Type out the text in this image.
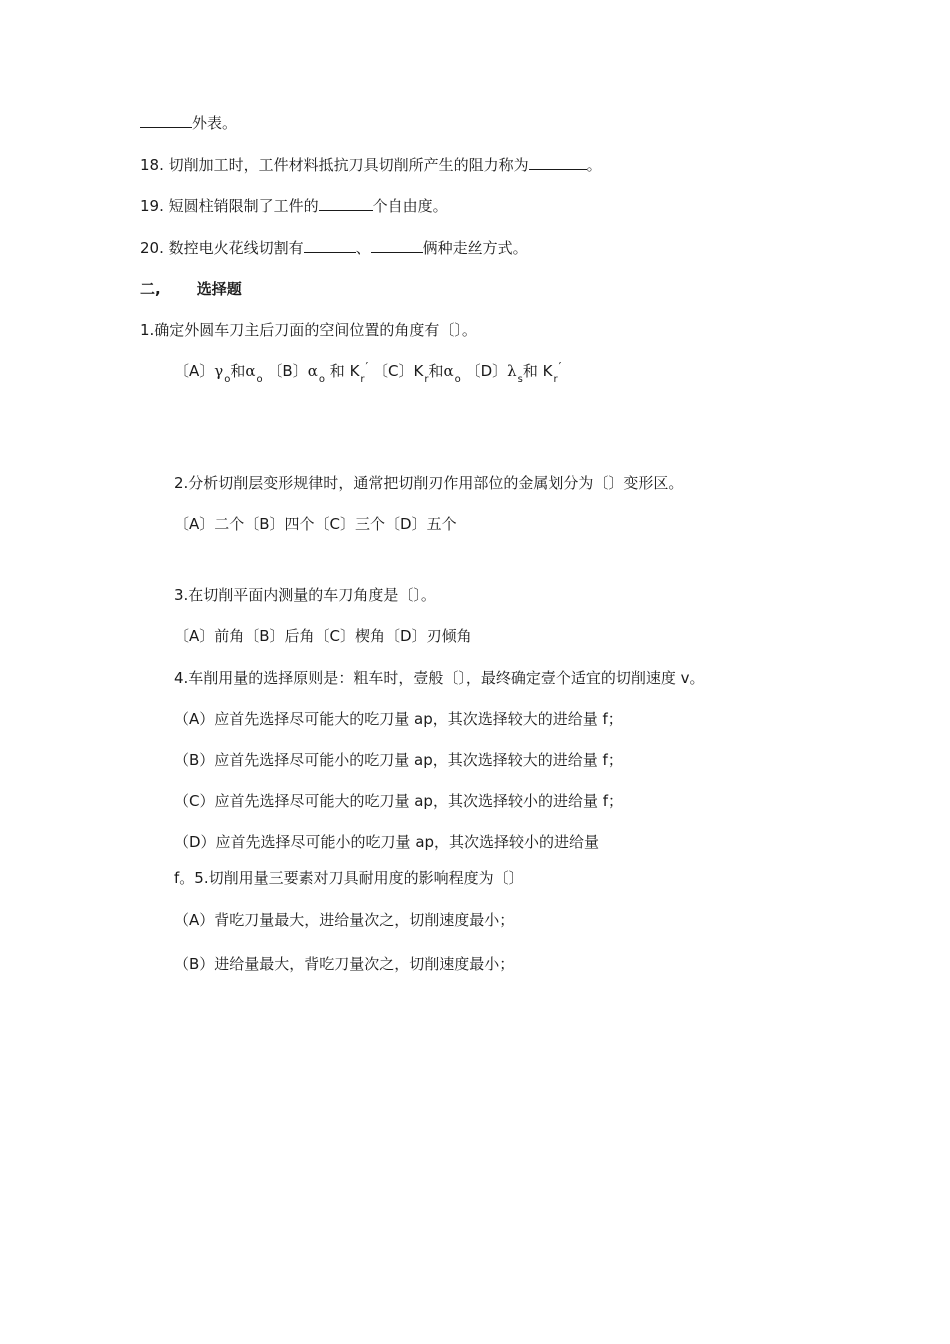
外表。
18. 切削加工时，工件材料抵抗刀具切削所产生的阻力称为	。
19. 短圆柱销限制了工件的	个自由度。
20. 数控电火花线切割有	、	俩种走丝方式。
二, 选择题
1.确定外圆车刀主后刀面的空间位置的角度有〔〕。
〔A〕$\gamma_o$和$\alpha_o$ 〔B〕$\alpha_o$ 和 $K_r'$ 〔C〕$K_r$和$\alpha_o$ 〔D〕$\lambda_s$和 $K_r'$
2.分析切削层变形规律时，通常把切削刃作用部位的金属划分为〔〕变形区。
〔A〕二个〔B〕四个〔C〕三个〔D〕五个
3.在切削平面内测量的车刀角度是〔〕。
〔A〕前角〔B〕后角〔C〕楔角〔D〕刃倾角
4.车削用量的选择原则是：粗车时，壹般〔〕，最终确定壹个适宜的切削速度 v。
（A）应首先选择尽可能大的吃刀量 ap，其次选择较大的进给量 f；
（B）应首先选择尽可能小的吃刀量 ap，其次选择较大的进给量 f；
（C）应首先选择尽可能大的吃刀量 ap，其次选择较小的进给量 f；
（D）应首先选择尽可能小的吃刀量 ap，其次选择较小的进给量
f。5.切削用量三要素对刀具耐用度的影响程度为〔〕
（A）背吃刀量最大，进给量次之，切削速度最小；
（B）进给量最大，背吃刀量次之，切削速度最小；
